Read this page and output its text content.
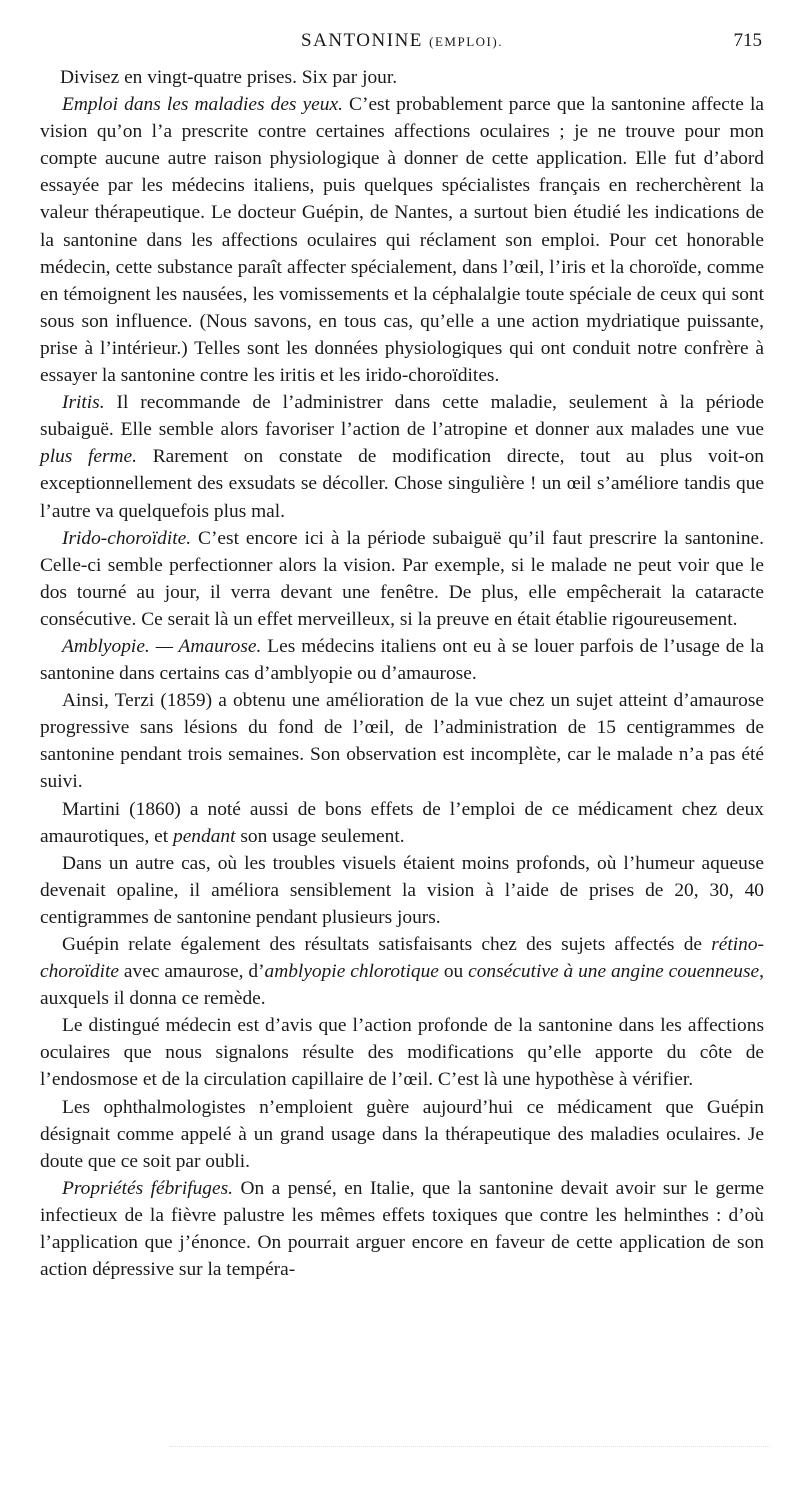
SANTONINE (EMPLOI).	715

Divisez en vingt-quatre prises. Six par jour.

Emploi dans les maladies des yeux. C’est probablement parce que la santonine affecte la vision qu’on l’a prescrite contre certaines affections oculaires ; je ne trouve pour mon compte aucune autre raison physiologique à donner de cette application. Elle fut d’abord essayée par les médecins italiens, puis quelques spécialistes français en recherchèrent la valeur thérapeutique. Le docteur Guépin, de Nantes, a surtout bien étudié les indications de la santonine dans les affections oculaires qui réclament son emploi. Pour cet honorable médecin, cette substance paraît affecter spécialement, dans l’œil, l’iris et la choroïde, comme en témoignent les nausées, les vomissements et la céphalalgie toute spéciale de ceux qui sont sous son influence. (Nous savons, en tous cas, qu’elle a une action mydriatique puissante, prise à l’intérieur.) Telles sont les données physiologiques qui ont conduit notre confrère à essayer la santonine contre les iritis et les irido-choroïdites.

Iritis. Il recommande de l’administrer dans cette maladie, seulement à la période subaiguë. Elle semble alors favoriser l’action de l’atropine et donner aux malades une vue plus ferme. Rarement on constate de modification directe, tout au plus voit-on exceptionnellement des exsudats se décoller. Chose singulière ! un œil s’améliore tandis que l’autre va quelquefois plus mal.

Irido-choroïdite. C’est encore ici à la période subaiguë qu’il faut prescrire la santonine. Celle-ci semble perfectionner alors la vision. Par exemple, si le malade ne peut voir que le dos tourné au jour, il verra devant une fenêtre. De plus, elle empêcherait la cataracte consécutive. Ce serait là un effet merveilleux, si la preuve en était établie rigoureusement.

Amblyopie. — Amaurose. Les médecins italiens ont eu à se louer parfois de l’usage de la santonine dans certains cas d’amblyopie ou d’amaurose.

Ainsi, Terzi (1859) a obtenu une amélioration de la vue chez un sujet atteint d’amaurose progressive sans lésions du fond de l’œil, de l’administration de 15 centigrammes de santonine pendant trois semaines. Son observation est incomplète, car le malade n’a pas été suivi.

Martini (1860) a noté aussi de bons effets de l’emploi de ce médicament chez deux amaurotiques, et pendant son usage seulement.

Dans un autre cas, où les troubles visuels étaient moins profonds, où l’humeur aqueuse devenait opaline, il améliora sensiblement la vision à l’aide de prises de 20, 30, 40 centigrammes de santonine pendant plusieurs jours.

Guépin relate également des résultats satisfaisants chez des sujets affectés de rétino-choroïdite avec amaurose, d’amblyopie chlorotique ou consécutive à une angine couenneuse, auxquels il donna ce remède.

Le distingué médecin est d’avis que l’action profonde de la santonine dans les affections oculaires que nous signalons résulte des modifications qu’elle apporte du côte de l’endosmose et de la circulation capillaire de l’œil. C’est là une hypothèse à vérifier.

Les ophthalmologistes n’emploient guère aujourd’hui ce médicament que Guépin désignait comme appelé à un grand usage dans la thérapeutique des maladies oculaires. Je doute que ce soit par oubli.

Propriétés fébrifuges. On a pensé, en Italie, que la santonine devait avoir sur le germe infectieux de la fièvre palustre les mêmes effets toxiques que contre les helminthes : d’où l’application que j’énonce. On pourrait arguer encore en faveur de cette application de son action dépressive sur la tempéra-
